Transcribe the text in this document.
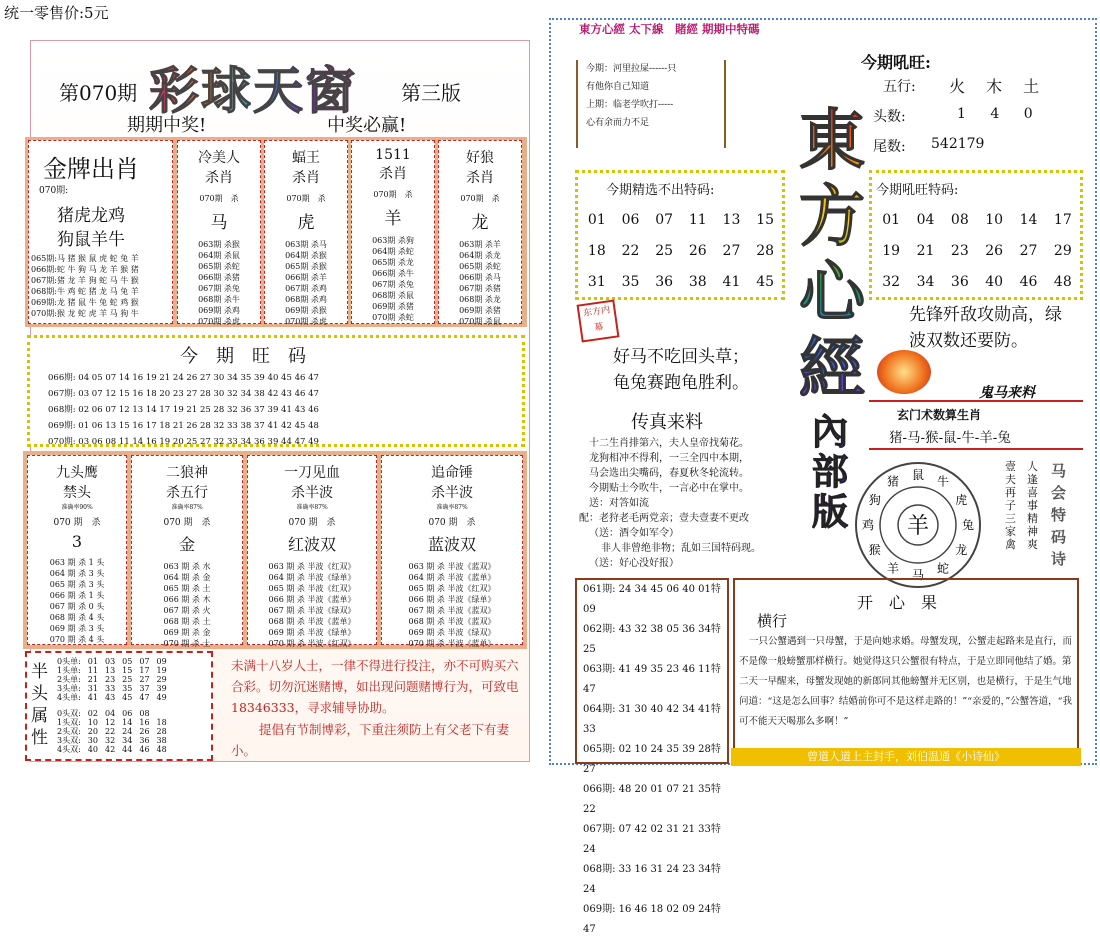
统一零售价:5元
第070期 彩球天窗 第三版
期期中奖!	中奖必赢!
金牌出肖
070期:
猪虎龙鸡
狗鼠羊牛
065期:马 猪 猴 鼠 虎 蛇 兔 羊
066期:蛇 牛 狗 马 龙 羊 猴 猪
067期:猪 龙 羊 狗 蛇 马 牛 猴
068期:牛 鸡 蛇 猪 龙 马 兔 羊
069期:龙 猪 鼠 牛 兔 蛇 鸡 猴
070期:猴 龙 蛇 虎 羊 马 狗 牛
冷美人
杀肖
070期　杀
马
063期 杀猴
064期 杀鼠
065期 杀蛇
066期 杀猪
067期 杀兔
068期 杀牛
069期 杀鸡
070期 杀虎
蝠王
杀肖
070期　杀
虎
063期 杀马
064期 杀猴
065期 杀猴
066期 杀羊
067期 杀鸡
068期 杀鸡
069期 杀猴
070期 杀虎
1511
杀肖
070期　杀
羊
063期 杀狗
064期 杀蛇
065期 杀龙
066期 杀牛
067期 杀兔
068期 杀鼠
069期 杀猪
070期 杀蛇
好狼
杀肖
070期　杀
龙
063期 杀羊
064期 杀龙
065期 杀蛇
066期 杀马
067期 杀猪
068期 杀龙
069期 杀猪
070期 杀鼠
今　期　旺　码
066期: 04 05 07 14 16 19 21 24 26 27 30 34 35 39 40 45 46 47
067期: 03 07 12 15 16 18 20 23 27 28 30 32 34 38 42 43 46 47
068期: 02 06 07 12 13 14 17 19 21 25 28 32 36 37 39 41 43 46
069期: 01 06 13 15 16 17 18 21 26 28 32 33 38 37 41 42 45 48
070期: 03 06 08 11 14 16 19 20 25 27 32 33 34 36 39 44 47 49
九头鹰
禁头
准确率90%
070 期　杀
3
063 期 杀 1 头
064 期 杀 3 头
065 期 杀 3 头
066 期 杀 1 头
067 期 杀 0 头
068 期 杀 4 头
069 期 杀 3 头
070 期 杀 4 头
二狼神
杀五行
准确率87%
070 期　杀
金
063 期 杀 水
064 期 杀 金
065 期 杀 土
066 期 杀 木
067 期 杀 火
068 期 杀 土
069 期 杀 金
070 期 杀 土
一刀见血
杀半波
准确率87%
070 期　杀
红波双
063 期 杀 半波《红双》
064 期 杀 半波《绿单》
065 期 杀 半波《红双》
066 期 杀 半波《蓝单》
067 期 杀 半波《绿双》
068 期 杀 半波《蓝单》
069 期 杀 半波《绿单》
070 期 杀 半波《红双》
追命锤
杀半波
准确率87%
070 期　杀
蓝波双
063 期 杀 半波《蓝双》
064 期 杀 半波《蓝单》
065 期 杀 半波《红双》
066 期 杀 半波《绿单》
067 期 杀 半波《蓝双》
068 期 杀 半波《蓝双》
069 期 杀 半波《绿双》
070 期 杀 半波《蓝单》
半头属性
0头单:	01	03	05	07	09
1头单:	11	13	15	17	19
2头单:	21	23	25	27	29
3头单:	31	33	35	37	39
4头单:	41	43	45	47	49
0头双:	02	04	06	08	
1头双:	10	12	14	16	18
2头双:	20	22	24	26	28
3头双:	30	32	34	36	38
4头双:	40	42	44	46	48
未满十八岁人士，一律不得进行投注，亦不可购买六合彩。切勿沉迷赌博，如出现问题赌博行为，可致电18346333，寻求辅导协助。
提倡有节制博彩，下重注须防上有父老下有妻小。
東方心經 太下線　賭經 期期中特碼
今期：河里拉屎------只
有他你自己知道
上期：临老学吹打-----
心有余而力不足	東方心經
內部版
今期吼旺:
五行: 火 木 土
头数:	1 4 0
尾数: 542179
今期精选不出特码:
01	06	07	11	13	15
18	22	25	26	27	28
31	35	36	38	41	45
今期吼旺特码:
01	04	08	10	14	17
19	21	23	26	27	29
32	34	36	40	46	48
先锋歼敌攻勋高，绿波双数还要防。
东方内幕
好马不吃回头草；
龟兔赛跑龟胜利。	鬼马来料
玄门术数算生肖
猪-马-猴-鼠-牛-羊-兔
传真来料
十二生肖排第六，夫人皇帝找菊花。
龙狗相冲不得利，一三全四中本期，
马会选出尖嘴码，春夏秋冬轮流转。
今期贴士今吹牛，一言必中在掌中。
送：对答如流
配：老狩老毛两党亲；壹夫壹妻不更改
（送：酒令如军令）
非人非曾绝非物；乱如三国特码现。
（送：好心没好报）
羊
鼠 牛
虎
兔
龙
蛇
马
羊
猴
鸡
狗
猪
壹夫再子三家禽
人逢喜事精神爽
马会特码诗
061期: 24 34 45 06 40 01特09
062期: 43 32 38 05 36 34特25
063期: 41 49 35 23 46 11特47
064期: 31 30 40 42 34 41特33
065期: 02 10 24 35 39 28特27
066期: 48 20 01 07 21 35特22
067期: 07 42 02 31 21 33特24
068期: 33 16 31 24 23 34特24
069期: 16 46 18 02 09 24特47
开　心　果
横行
一只公蟹遇到一只母蟹，于是向她求婚。母蟹发现，公蟹走起路来是直行，而不是像一般螃蟹那样横行。她觉得这只公蟹很有特点，于是立即同他结了婚。第二天一早醒来，母蟹发现她的新郎同其他螃蟹并无区别，也是横行，于是生气地问道：“这是怎么回事？结婚前你可不是这样走路的！”“亲爱的，”公蟹答道，“我可不能天天喝那么多啊！”
曾道人道上主封手，刘伯温通《小诗仙》
